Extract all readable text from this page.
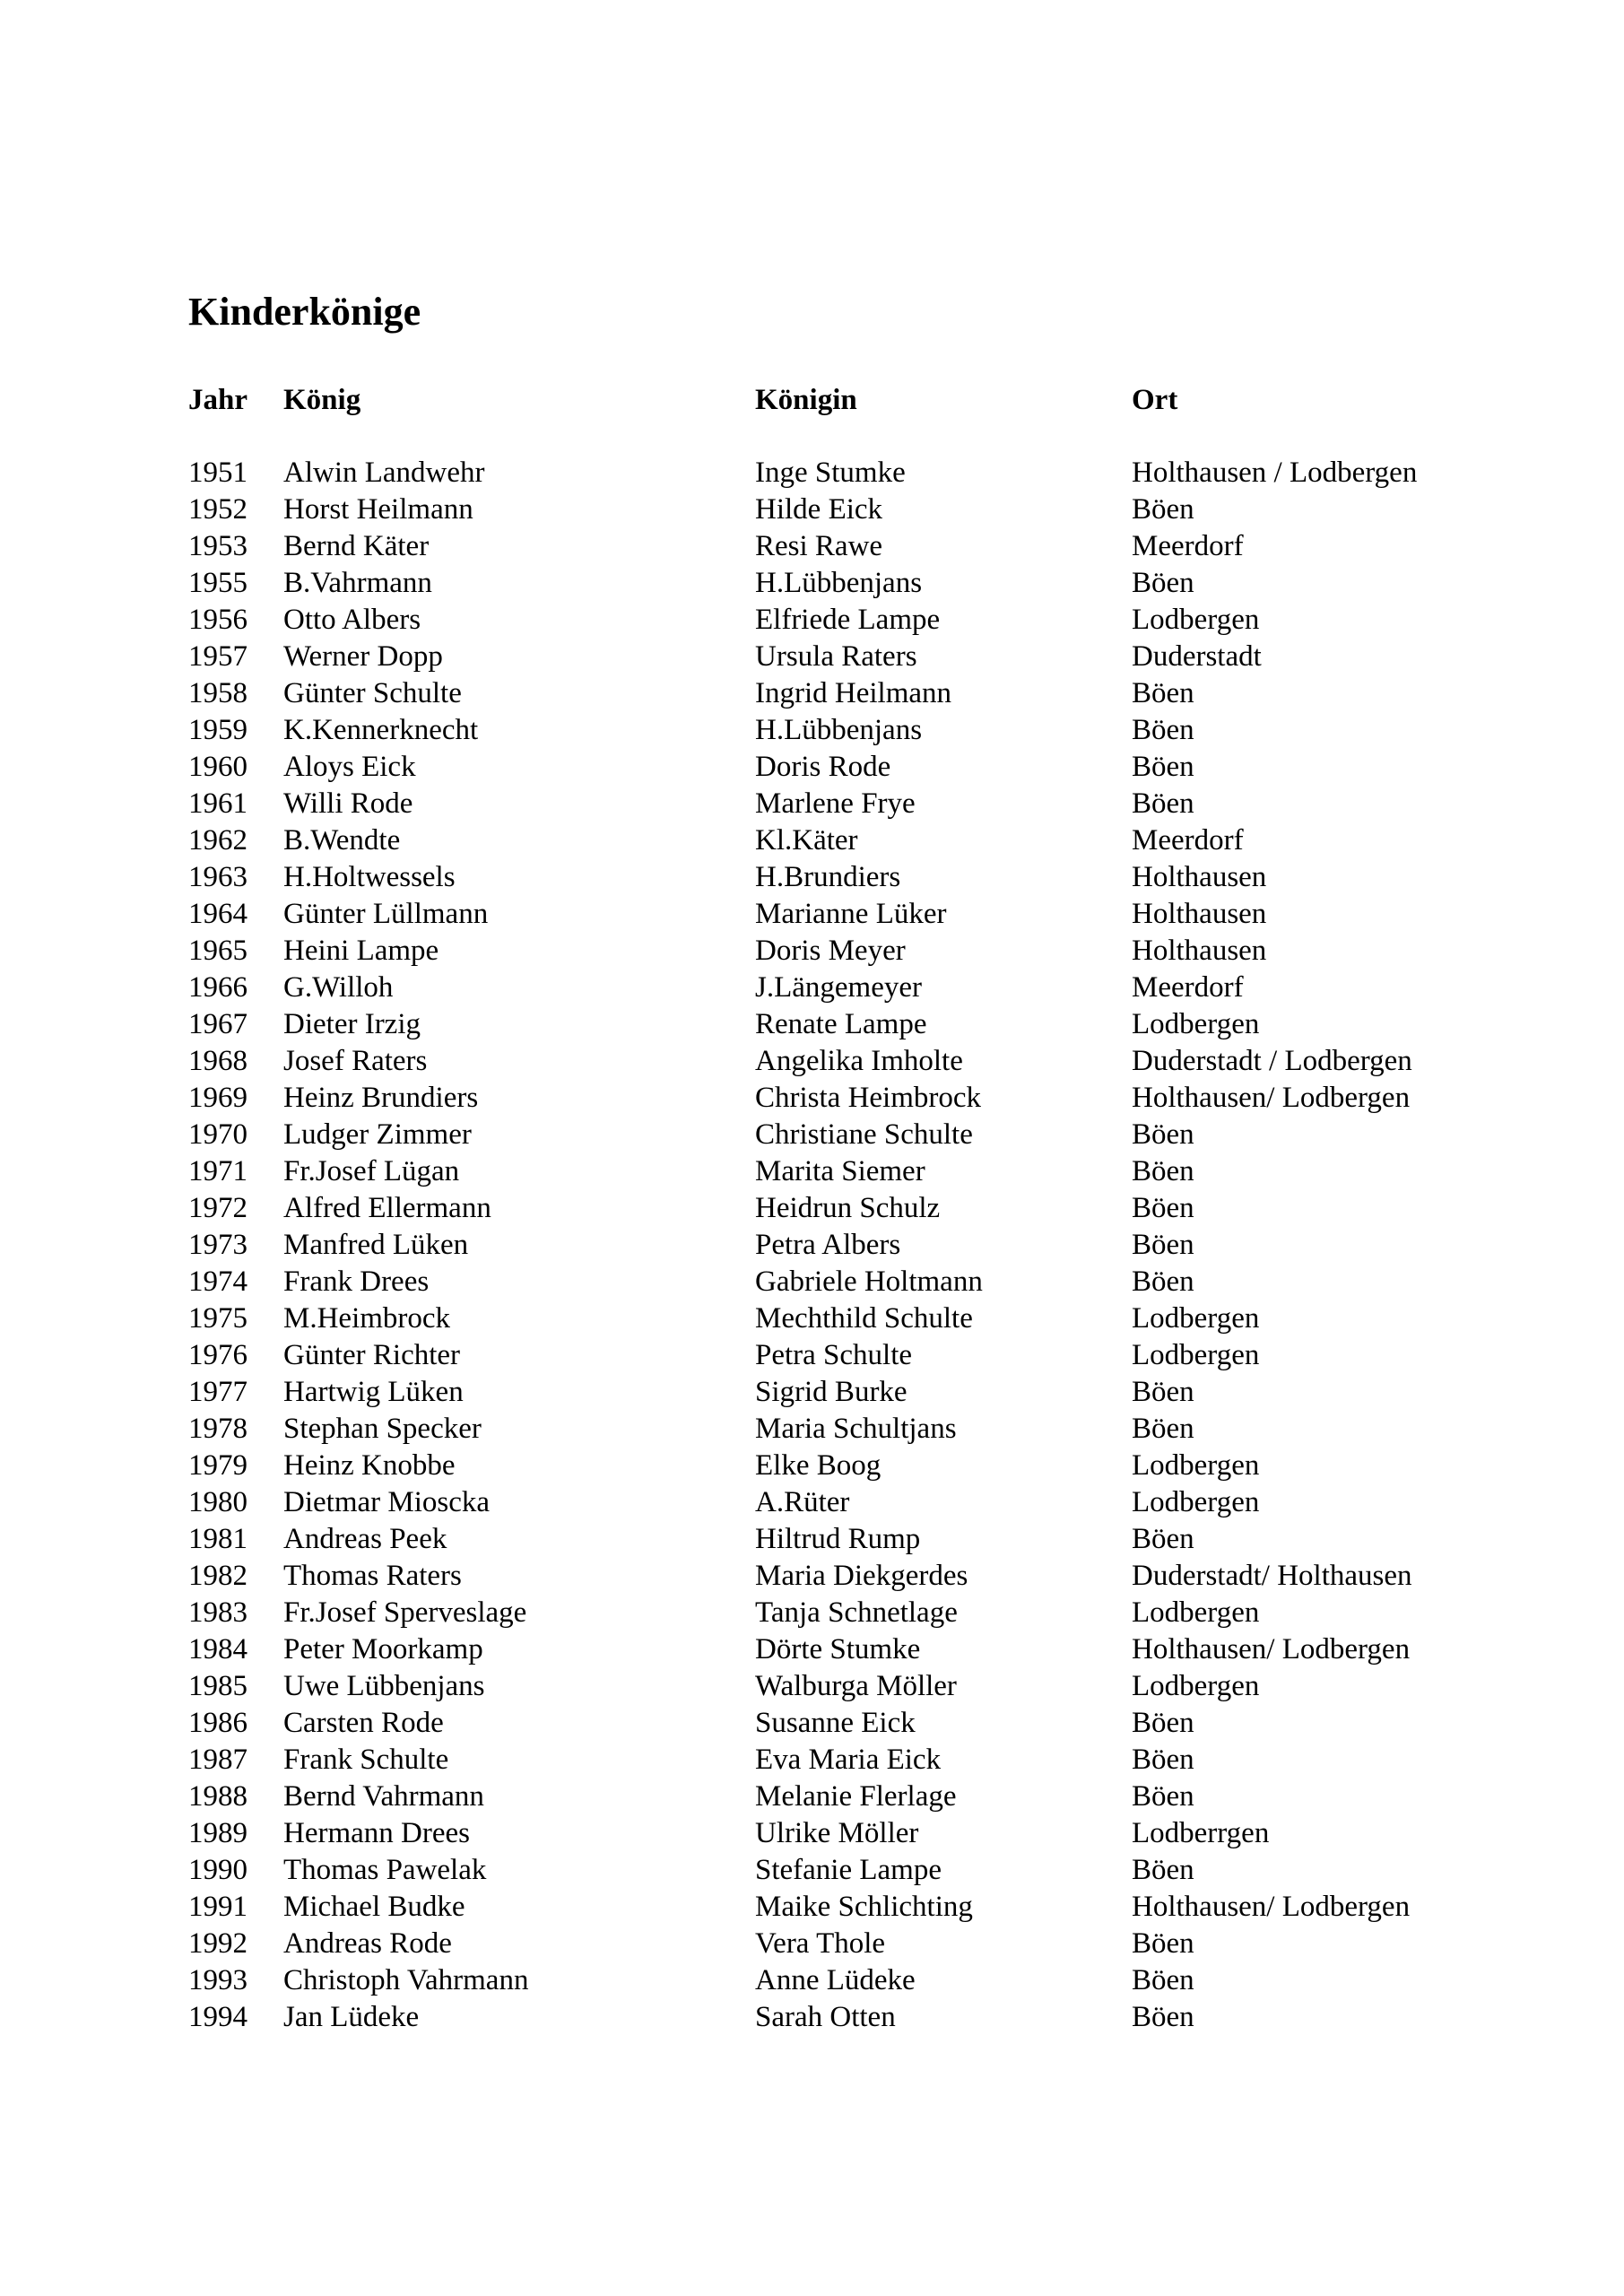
Kinderkönige
Jahr König	Königin	Ort
1951 Alwin Landwehr	Inge Stumke	Holthausen / Lodbergen
1952 Horst Heilmann	Hilde Eick	Böen
1953 Bernd Käter	Resi Rawe	Meerdorf
1955 B.Vahrmann	H.Lübbenjans	Böen
1956 Otto Albers	Elfriede Lampe	Lodbergen
1957 Werner Dopp	Ursula Raters	Duderstadt
1958 Günter Schulte	Ingrid Heilmann	Böen
1959 K.Kennerknecht	H.Lübbenjans	Böen
1960 Aloys Eick	Doris Rode	Böen
1961 Willi Rode	Marlene Frye	Böen
1962 B.Wendte	Kl.Käter	Meerdorf
1963 H.Holtwessels	H.Brundiers	Holthausen
1964 Günter Lüllmann	Marianne Lüker	Holthausen
1965 Heini Lampe	Doris Meyer	Holthausen
1966 G.Willoh	J.Längemeyer	Meerdorf
1967 Dieter Irzig	Renate Lampe	Lodbergen
1968 Josef Raters	Angelika Imholte	Duderstadt / Lodbergen
1969 Heinz Brundiers	Christa Heimbrock	Holthausen/ Lodbergen
1970 Ludger Zimmer	Christiane Schulte	Böen
1971 Fr.Josef Lügan	Marita Siemer	Böen
1972 Alfred Ellermann	Heidrun Schulz	Böen
1973 Manfred Lüken	Petra Albers	Böen
1974 Frank Drees	Gabriele Holtmann	Böen
1975 M.Heimbrock	Mechthild Schulte	Lodbergen
1976 Günter Richter	Petra Schulte	Lodbergen
1977 Hartwig Lüken	Sigrid Burke	Böen
1978 Stephan Specker	Maria Schultjans	Böen
1979 Heinz Knobbe	Elke Boog	Lodbergen
1980 Dietmar Mioscka	A.Rüter	Lodbergen
1981 Andreas Peek	Hiltrud Rump	Böen
1982 Thomas Raters	Maria Diekgerdes	Duderstadt/ Holthausen
1983 Fr.Josef Sperveslage	Tanja Schnetlage	Lodbergen
1984 Peter Moorkamp	Dörte Stumke	Holthausen/ Lodbergen
1985 Uwe Lübbenjans	Walburga Möller	Lodbergen
1986 Carsten Rode	Susanne Eick	Böen
1987 Frank Schulte	Eva Maria Eick	Böen
1988 Bernd Vahrmann	Melanie Flerlage	Böen
1989 Hermann Drees	Ulrike Möller	Lodberrgen
1990 Thomas Pawelak	Stefanie Lampe	Böen
1991 Michael Budke	Maike Schlichting	Holthausen/ Lodbergen
1992 Andreas Rode	Vera Thole	Böen
1993 Christoph Vahrmann	Anne Lüdeke	Böen
1994 Jan Lüdeke	Sarah Otten	Böen
